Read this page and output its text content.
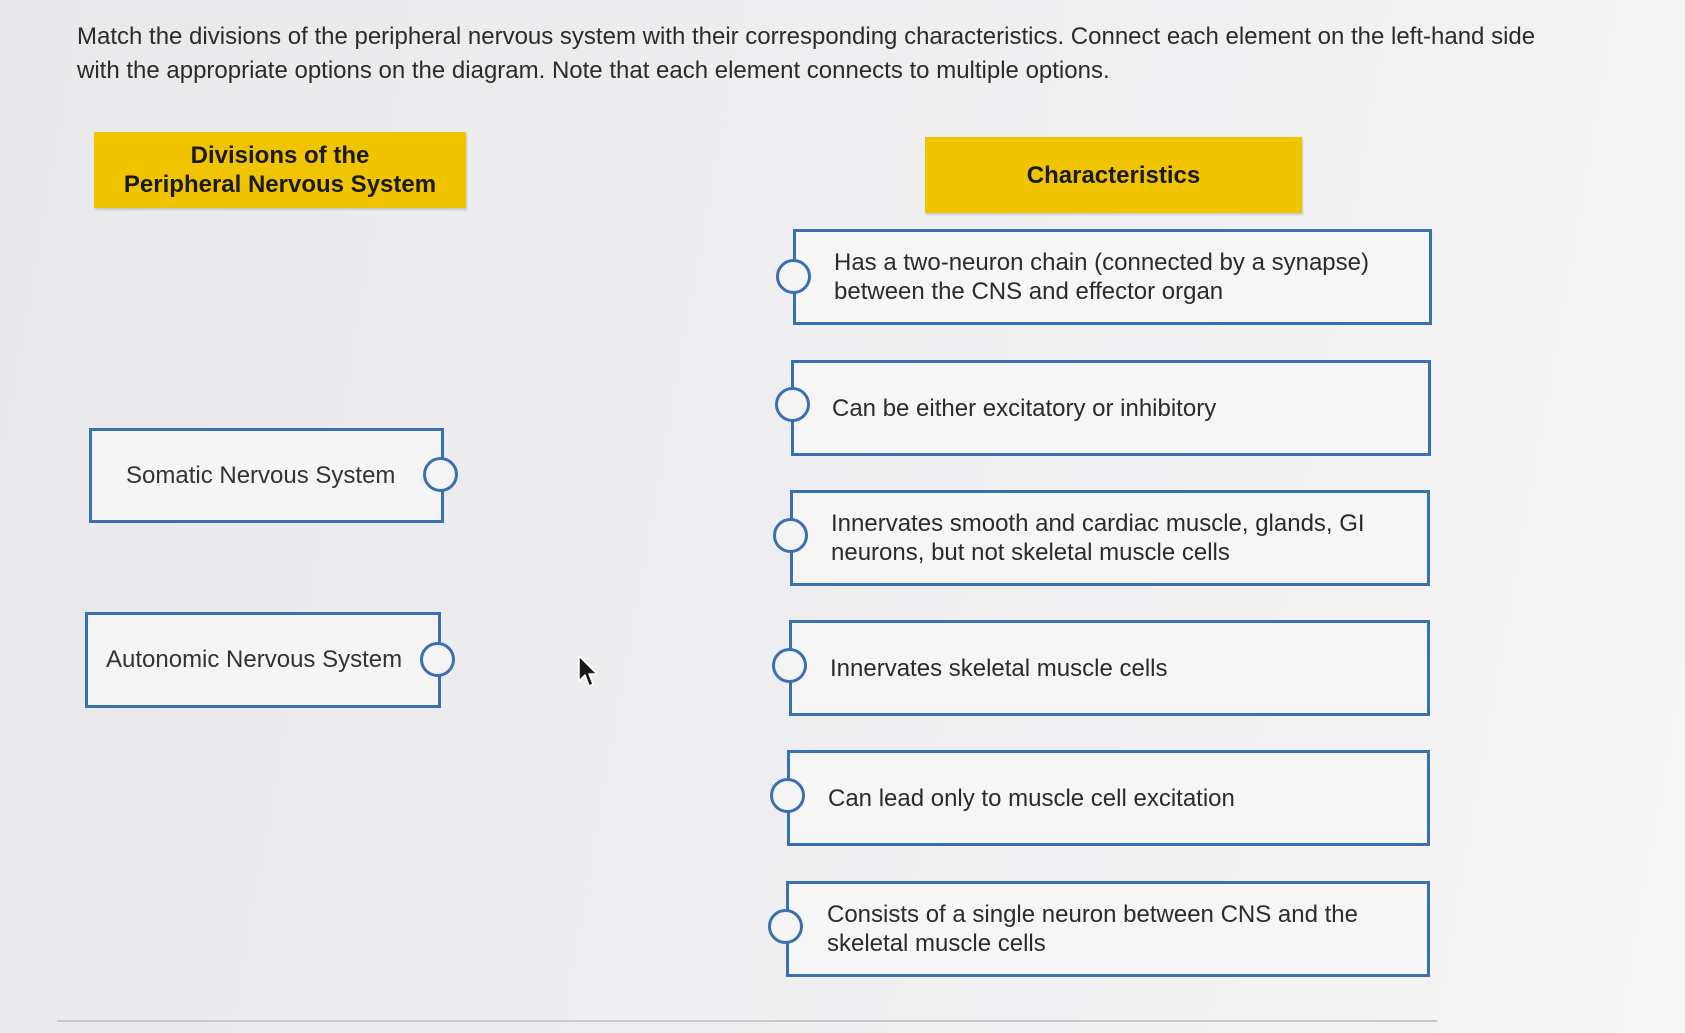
Match the divisions of the peripheral nervous system with their corresponding characteristics. Connect each element on the left-hand side with the appropriate options on the diagram. Note that each element connects to multiple options.

Divisions of the
Peripheral Nervous System	Characteristics
Somatic Nervous System
Autonomic Nervous System
Has a two-neuron chain (connected by a synapse)
between the CNS and effector organ
Can be either excitatory or inhibitory
Innervates smooth and cardiac muscle, glands, GI
neurons, but not skeletal muscle cells
Innervates skeletal muscle cells
Can lead only to muscle cell excitation
Consists of a single neuron between CNS and the
skeletal muscle cells
